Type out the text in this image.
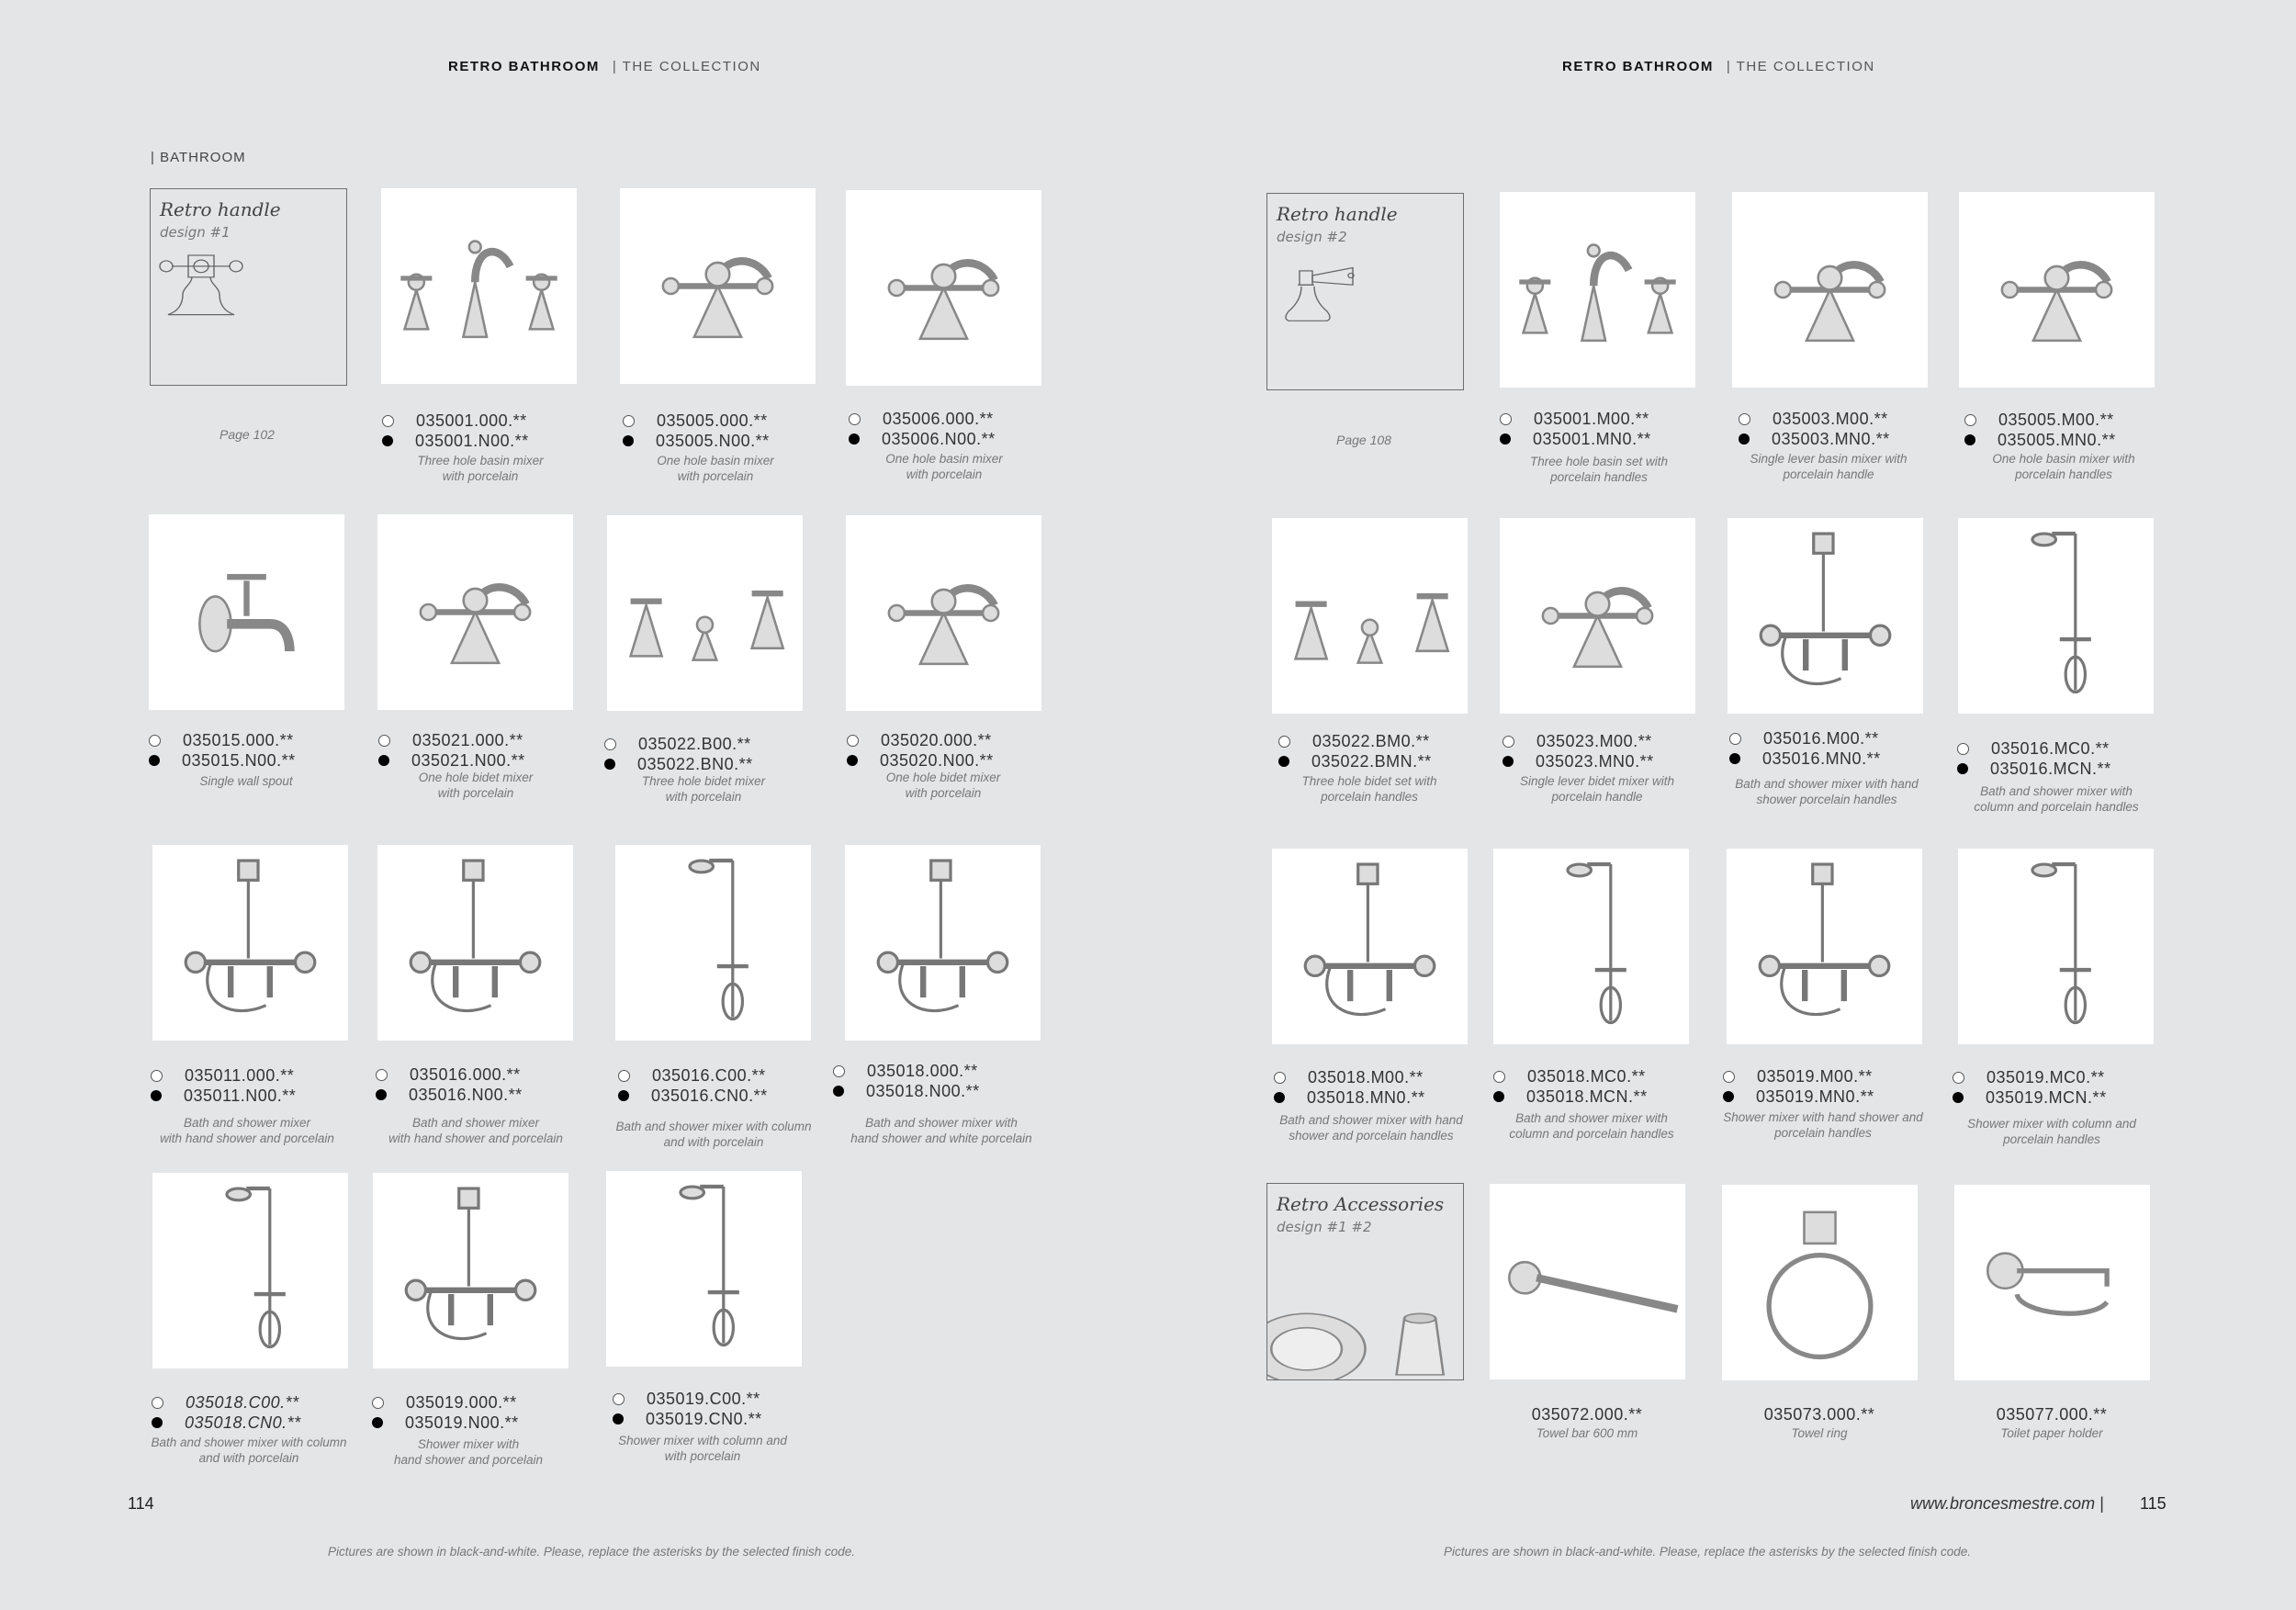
RETRO BATHROOM | THE COLLECTION	RETRO BATHROOM | THE COLLECTION
| BATHROOM
Retro handle
design #1
Page 102
Retro handle
design #2
Page 108
Retro Accessories
design #1 #2
035001.000.**
035001.N00.**
Three hole basin mixer
with porcelain
035005.000.**
035005.N00.**
One hole basin mixer
with porcelain
035006.000.**
035006.N00.**
One hole basin mixer
with porcelain
035015.000.**
035015.N00.**
Single wall spout
035021.000.**
035021.N00.**
One hole bidet mixer
with porcelain
035022.B00.**
035022.BN0.**
Three hole bidet mixer
with porcelain
035020.000.**
035020.N00.**
One hole bidet mixer
with porcelain
035011.000.**
035011.N00.**
Bath and shower mixer
with hand shower and porcelain
035016.000.**
035016.N00.**
Bath and shower mixer
with hand shower and porcelain
035016.C00.**
035016.CN0.**
Bath and shower mixer with column
and with porcelain
035018.000.**
035018.N00.**
Bath and shower mixer with
hand shower and white porcelain
035018.C00.**
035018.CN0.**
Bath and shower mixer with column
and with porcelain
035019.000.**
035019.N00.**
Shower mixer with
hand shower and porcelain
035019.C00.**
035019.CN0.**
Shower mixer with column and
with porcelain
035001.M00.**
035001.MN0.**
Three hole basin set with
porcelain handles
035003.M00.**
035003.MN0.**
Single lever basin mixer with
porcelain handle
035005.M00.**
035005.MN0.**
One hole basin mixer with
porcelain handles
035022.BM0.**
035022.BMN.**
Three hole bidet set with
porcelain handles
035023.M00.**
035023.MN0.**
Single lever bidet mixer with
porcelain handle
035016.M00.**
035016.MN0.**
Bath and shower mixer with hand
shower porcelain handles
035016.MC0.**
035016.MCN.**
Bath and shower mixer with
column and porcelain handles
035018.M00.**
035018.MN0.**
Bath and shower mixer with hand
shower and porcelain handles
035018.MC0.**
035018.MCN.**
Bath and shower mixer with
column and porcelain handles
035019.M00.**
035019.MN0.**
Shower mixer with hand shower and
porcelain handles
035019.MC0.**
035019.MCN.**
Shower mixer with column and
porcelain handles
035072.000.**
Towel bar 600 mm
035073.000.**
Towel ring
035077.000.**
Toilet paper holder
114	www.broncesmestre.com | 115
Pictures are shown in black-and-white. Please, replace the asterisks by the selected finish code.	Pictures are shown in black-and-white. Please, replace the asterisks by the selected finish code.
